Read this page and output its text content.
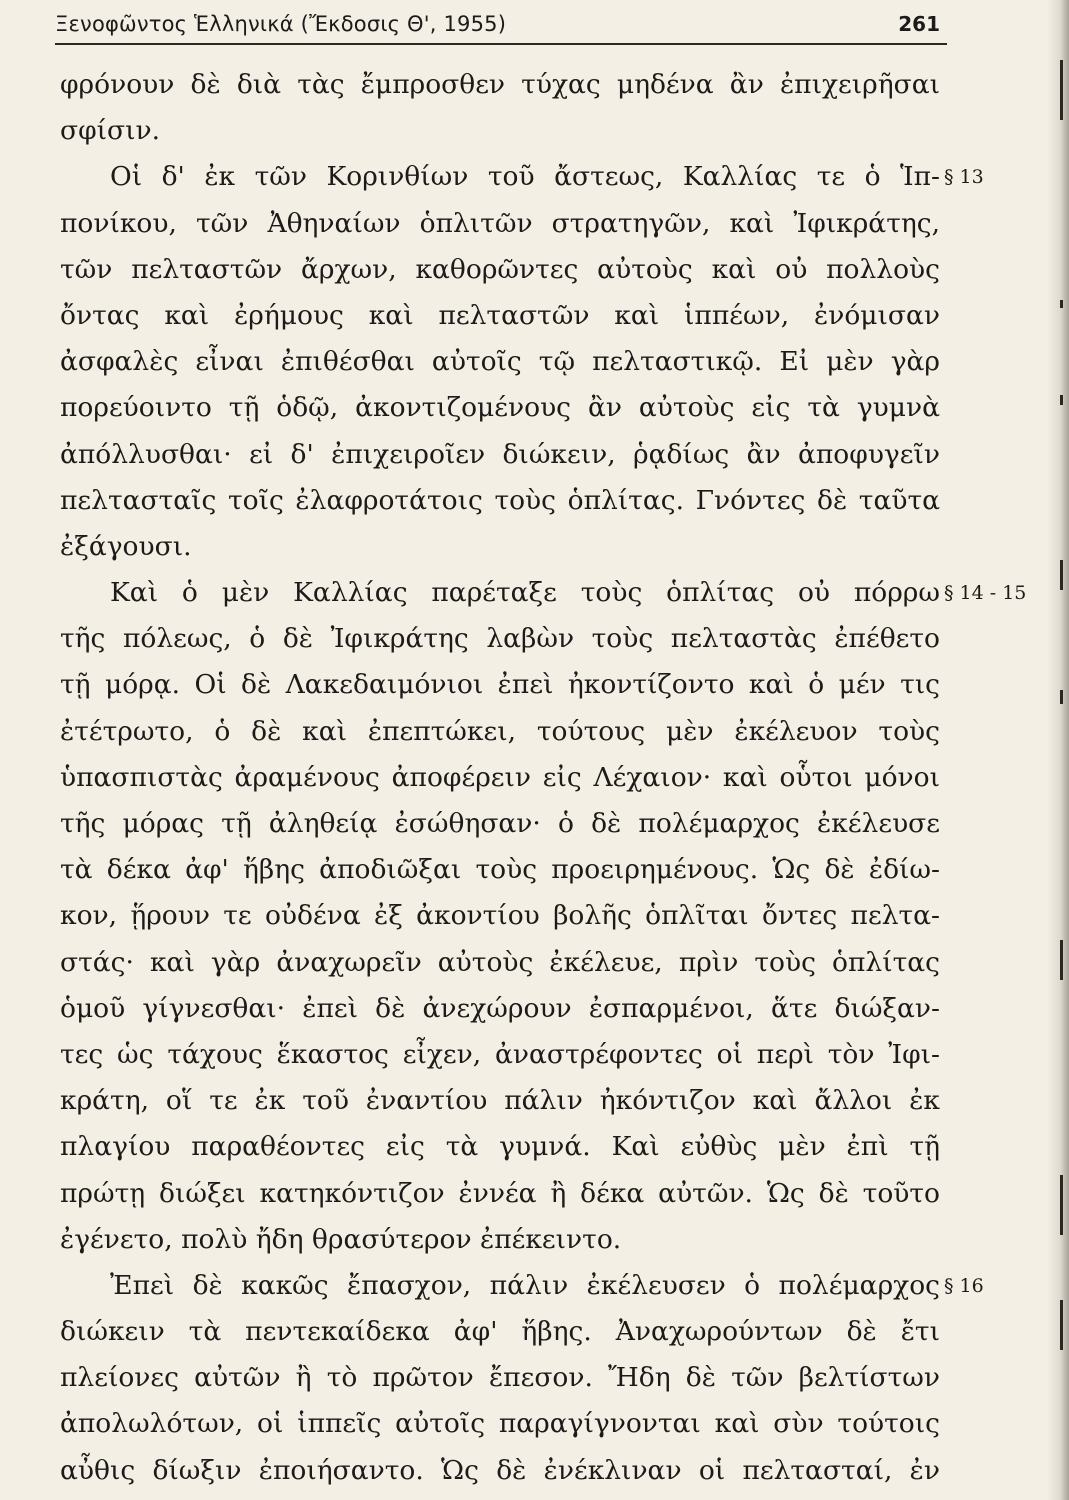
Ξενοφῶντος Ἑλληνικά (Ἔκδοσις Θ', 1955)	261
φρόνουν δὲ διὰ τὰς ἔμπροσθεν τύχας μηδένα ἂν ἐπιχειρῆσαι
σφίσιν.
Οἱ δ' ἐκ τῶν Κορινθίων τοῦ ἄστεως, Καλλίας τε ὁ Ἱπ-
πονίκου, τῶν Ἀθηναίων ὁπλιτῶν στρατηγῶν, καὶ Ἰφικράτης,
τῶν πελταστῶν ἄρχων, καθορῶντες αὐτοὺς καὶ οὐ πολλοὺς
ὄντας καὶ ἐρήμους καὶ πελταστῶν καὶ ἱππέων, ἐνόμισαν
ἀσφαλὲς εἶναι ἐπιθέσθαι αὐτοῖς τῷ πελταστικῷ. Εἰ μὲν γὰρ
πορεύοιντο τῇ ὁδῷ, ἀκοντιζομένους ἂν αὐτοὺς εἰς τὰ γυμνὰ
ἀπόλλυσθαι· εἰ δ' ἐπιχειροῖεν διώκειν, ῥᾳδίως ἂν ἀποφυγεῖν
πελτασταῖς τοῖς ἐλαφροτάτοις τοὺς ὁπλίτας. Γνόντες δὲ ταῦτα
ἐξάγουσι.
Καὶ ὁ μὲν Καλλίας παρέταξε τοὺς ὁπλίτας οὐ πόρρω
τῆς πόλεως, ὁ δὲ Ἰφικράτης λαβὼν τοὺς πελταστὰς ἐπέθετο
τῇ μόρᾳ. Οἱ δὲ Λακεδαιμόνιοι ἐπεὶ ἠκοντίζοντο καὶ ὁ μέν τις
ἐτέτρωτο, ὁ δὲ καὶ ἐπεπτώκει, τούτους μὲν ἐκέλευον τοὺς
ὑπασπιστὰς ἀραμένους ἀποφέρειν εἰς Λέχαιον· καὶ οὗτοι μόνοι
τῆς μόρας τῇ ἀληθείᾳ ἐσώθησαν· ὁ δὲ πολέμαρχος ἐκέλευσε
τὰ δέκα ἀφ' ἥβης ἀποδιῶξαι τοὺς προειρημένους. Ὡς δὲ ἐδίω-
κον, ᾕρουν τε οὐδένα ἐξ ἀκοντίου βολῆς ὁπλῖται ὄντες πελτα-
στάς· καὶ γὰρ ἀναχωρεῖν αὐτοὺς ἐκέλευε, πρὶν τοὺς ὁπλίτας
ὁμοῦ γίγνεσθαι· ἐπεὶ δὲ ἀνεχώρουν ἐσπαρμένοι, ἅτε διώξαν-
τες ὡς τάχους ἕκαστος εἶχεν, ἀναστρέφοντες οἱ περὶ τὸν Ἰφι-
κράτη, οἵ τε ἐκ τοῦ ἐναντίου πάλιν ἠκόντιζον καὶ ἄλλοι ἐκ
πλαγίου παραθέοντες εἰς τὰ γυμνά. Καὶ εὐθὺς μὲν ἐπὶ τῇ
πρώτῃ διώξει κατηκόντιζον ἐννέα ἢ δέκα αὐτῶν. Ὡς δὲ τοῦτο
ἐγένετο, πολὺ ἤδη θρασύτερον ἐπέκειντο.
Ἐπεὶ δὲ κακῶς ἔπασχον, πάλιν ἐκέλευσεν ὁ πολέμαρχος
διώκειν τὰ πεντεκαίδεκα ἀφ' ἥβης. Ἀναχωρούντων δὲ ἔτι
πλείονες αὐτῶν ἢ τὸ πρῶτον ἔπεσον. Ἤδη δὲ τῶν βελτίστων
ἀπολωλότων, οἱ ἱππεῖς αὐτοῖς παραγίγνονται καὶ σὺν τούτοις
αὖθις δίωξιν ἐποιήσαντο. Ὡς δὲ ἐνέκλιναν οἱ πελτασταί, ἐν
§ 13
§ 14 - 15
§ 16
